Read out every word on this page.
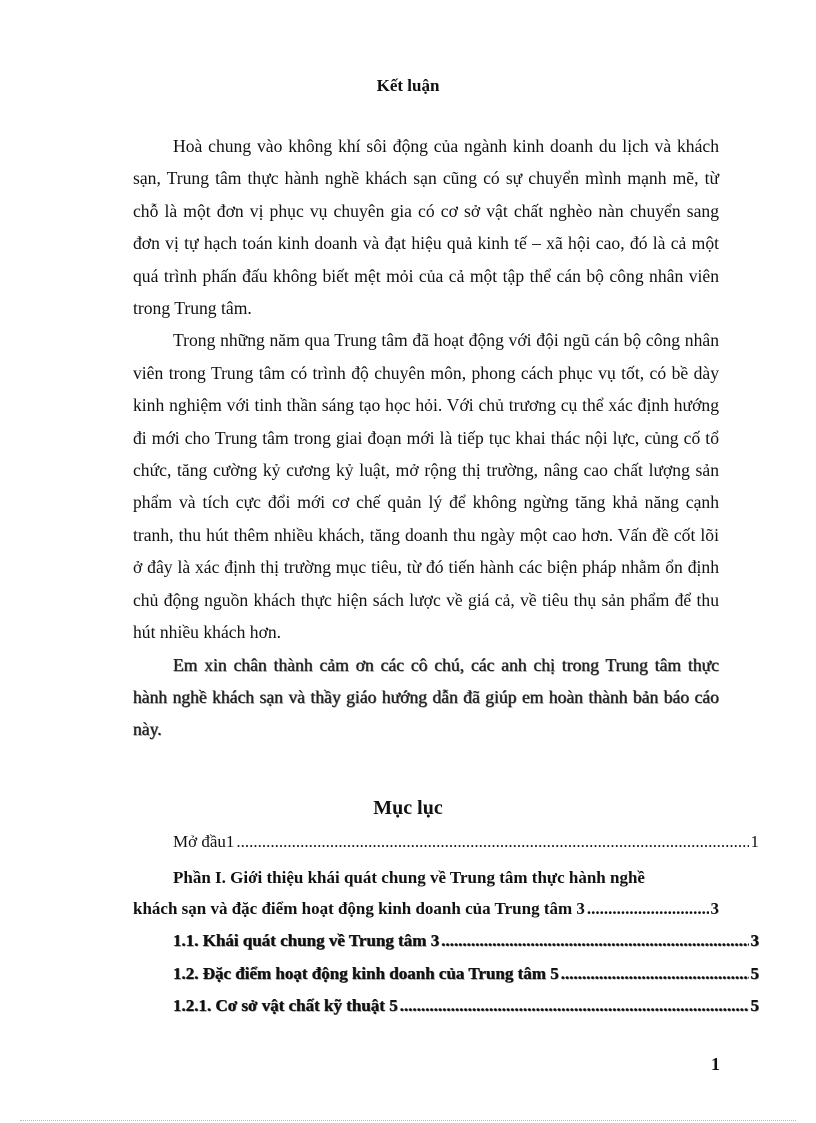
Kết luận

Hoà chung vào không khí sôi động của ngành kinh doanh du lịch và khách sạn, Trung tâm thực hành nghề khách sạn cũng có sự chuyển mình mạnh mẽ, từ chỗ là một đơn vị phục vụ chuyên gia có cơ sở vật chất nghèo nàn chuyển sang đơn vị tự hạch toán kinh doanh và đạt hiệu quả kinh tế – xã hội cao, đó là cả một quá trình phấn đấu không biết mệt mỏi của cả một tập thể cán bộ công nhân viên trong Trung tâm.

Trong những năm qua Trung tâm đã hoạt động với đội ngũ cán bộ công nhân viên trong Trung tâm có trình độ chuyên môn, phong cách phục vụ tốt, có bề dày kinh nghiệm với tinh thần sáng tạo học hỏi. Với chủ trương cụ thể xác định hướng đi mới cho Trung tâm trong giai đoạn mới là tiếp tục khai thác nội lực, củng cố tổ chức, tăng cường kỷ cương kỷ luật, mở rộng thị trường, nâng cao chất lượng sản phẩm và tích cực đổi mới cơ chế quản lý để không ngừng tăng khả năng cạnh tranh, thu hút thêm nhiều khách, tăng doanh thu ngày một cao hơn. Vấn đề cốt lõi ở đây là xác định thị trường mục tiêu, từ đó tiến hành các biện pháp nhằm ổn định chủ động nguồn khách thực hiện sách lược về giá cả, về tiêu thụ sản phẩm để thu hút nhiều khách hơn.

Em xin chân thành cảm ơn các cô chú, các anh chị trong Trung tâm thực hành nghề khách sạn và thầy giáo hướng dẫn đã giúp em hoàn thành bản báo cáo này.

Mục lục
Mở đầu1 .....	1
Phần I. Giới thiệu khái quát chung về Trung tâm thực hành nghề
khách sạn và đặc điểm hoạt động kinh doanh của Trung tâm 3 .....	3
1.1. Khái quát chung về Trung tâm 3 .....	3
1.2. Đặc điểm hoạt động kinh doanh của Trung tâm 5 .....	5
1.2.1. Cơ sở vật chất kỹ thuật 5 .....	5
1
